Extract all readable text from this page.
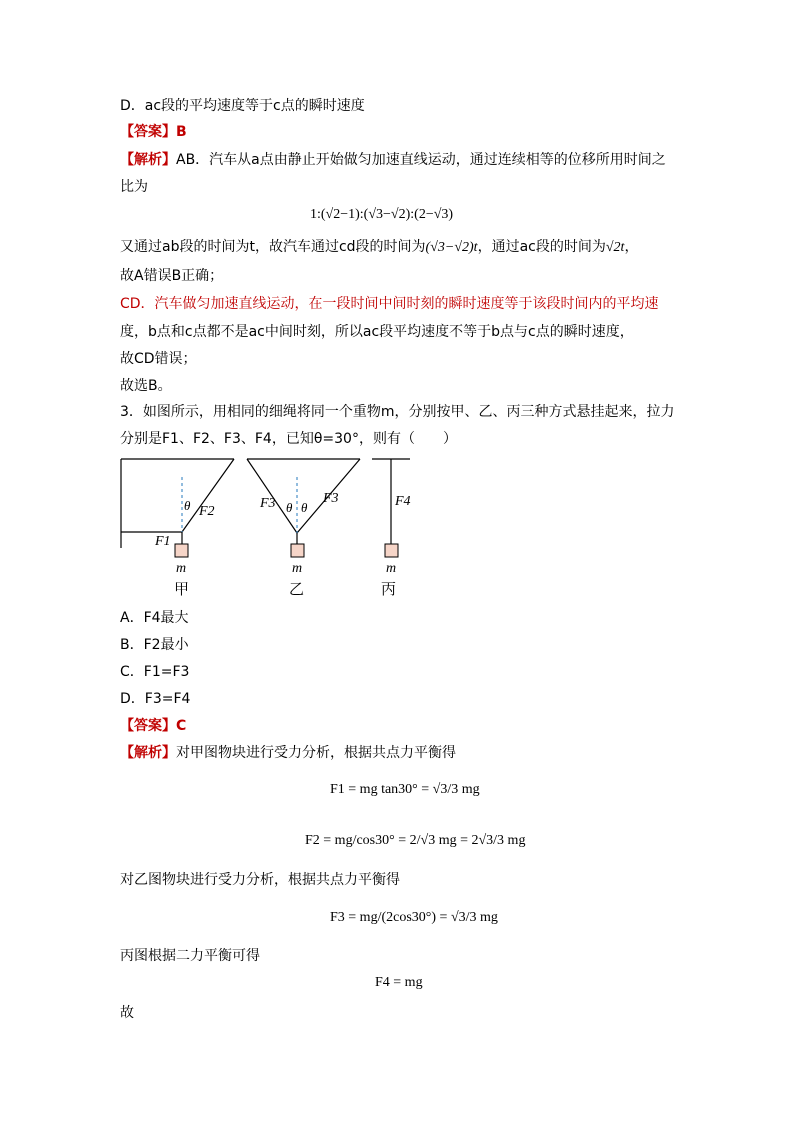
D．ac段的平均速度等于c点的瞬时速度
【答案】B
【解析】AB．汽车从a点由静止开始做匀加速直线运动，通过连续相等的位移所用时间之
比为
1:(√2−1):(√3−√2):(2−√3)
又通过ab段的时间为t，故汽车通过cd段的时间为(√3−√2)t，通过ac段的时间为√2t，
故A错误B正确；
CD．汽车做匀加速直线运动，在一段时间中间时刻的瞬时速度等于该段时间内的平均速
度，b点和c点都不是ac中间时刻，所以ac段平均速度不等于b点与c点的瞬时速度，
故CD错误；
故选B。
3．如图所示，用相同的细绳将同一个重物m，分别按甲、乙、丙三种方式悬挂起来，拉力
分别是F1、F2、F3、F4，已知θ=30°，则有（　　）
θ F2
F1
m
甲
F3 θ θ
F3
m
乙
F4
m
丙
A．F4最大
B．F2最小
C．F1=F3
D．F3=F4
【答案】C
【解析】对甲图物块进行受力分析，根据共点力平衡得
F1 = mg tan30° = √3/3 mg
F2 = mg/cos30° = 2/√3 mg = 2√3/3 mg
对乙图物块进行受力分析，根据共点力平衡得
F3 = mg/(2cos30°) = √3/3 mg
丙图根据二力平衡可得
F4 = mg
故
